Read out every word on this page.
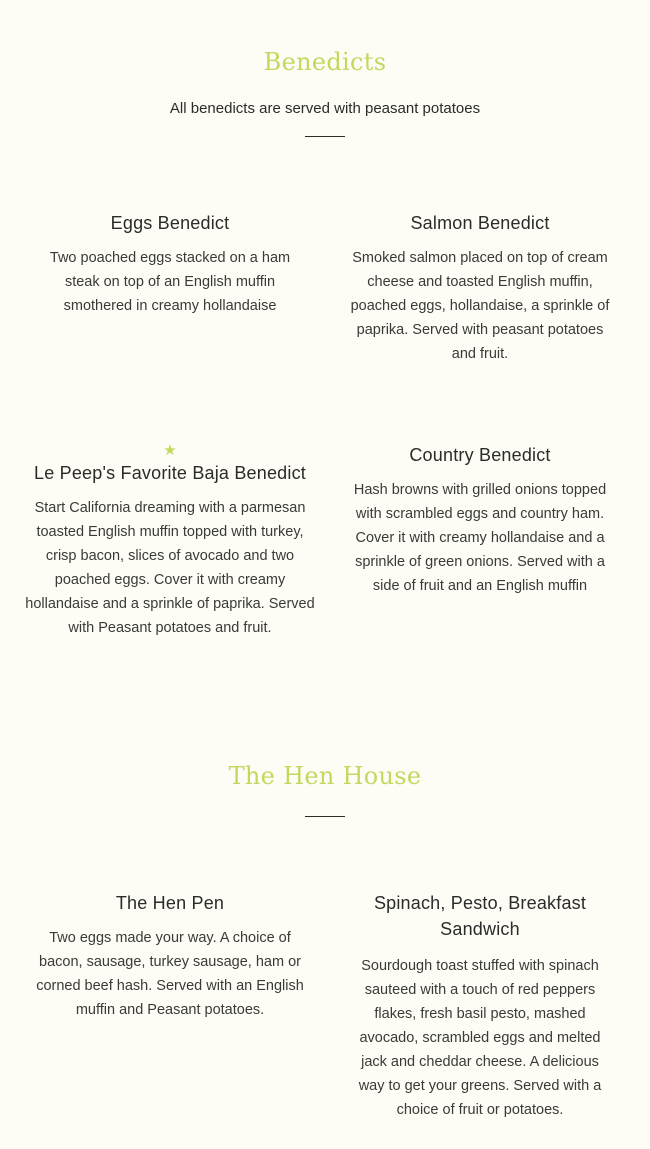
Benedicts

All benedicts are served with peasant potatoes

Eggs Benedict

Two poached eggs stacked on a ham steak on top of an English muffin smothered in creamy hollandaise

Salmon Benedict

Smoked salmon placed on top of cream cheese and toasted English muffin, poached eggs, hollandaise, a sprinkle of paprika. Served with peasant potatoes and fruit.

★
Le Peep's Favorite Baja Benedict

Start California dreaming with a parmesan toasted English muffin topped with turkey, crisp bacon, slices of avocado and two poached eggs. Cover it with creamy hollandaise and a sprinkle of paprika. Served with Peasant potatoes and fruit.

Country Benedict

Hash browns with grilled onions topped with scrambled eggs and country ham. Cover it with creamy hollandaise and a sprinkle of green onions. Served with a side of fruit and an English muffin

The Hen House
The Hen Pen

Two eggs made your way. A choice of bacon, sausage, turkey sausage, ham or corned beef hash. Served with an English muffin and Peasant potatoes.

Spinach, Pesto, Breakfast Sandwich

Sourdough toast stuffed with spinach sauteed with a touch of red peppers flakes, fresh basil pesto, mashed avocado, scrambled eggs and melted jack and cheddar cheese. A delicious way to get your greens. Served with a choice of fruit or potatoes.
